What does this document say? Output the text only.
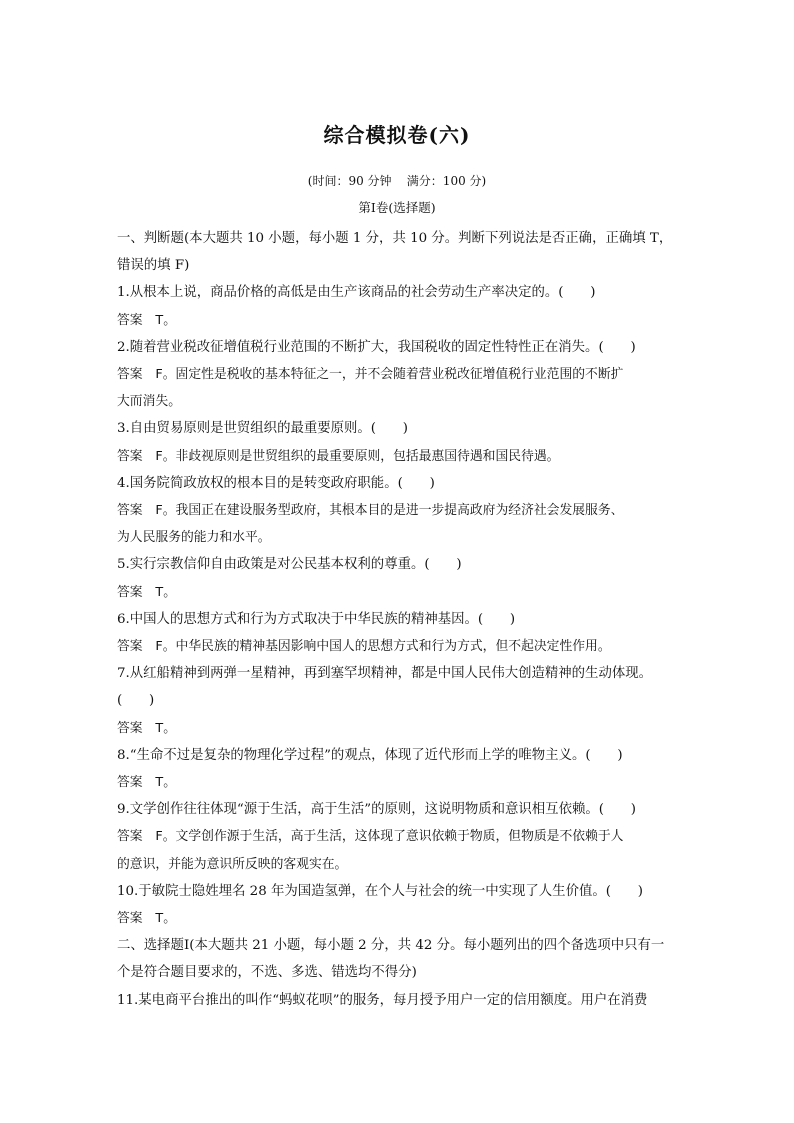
综合模拟卷(六)
(时间：90 分钟    满分：100 分)
第Ⅰ卷(选择题)
一、判断题(本大题共 10 小题，每小题 1 分，共 10 分。判断下列说法是否正确，正确填 T，
错误的填 F)
1.从根本上说，商品价格的高低是由生产该商品的社会劳动生产率决定的。(　　)
答案　T。
2.随着营业税改征增值税行业范围的不断扩大，我国税收的固定性特性正在消失。(　　)
答案　F。固定性是税收的基本特征之一，并不会随着营业税改征增值税行业范围的不断扩
大而消失。
3.自由贸易原则是世贸组织的最重要原则。(　　)
答案　F。非歧视原则是世贸组织的最重要原则，包括最惠国待遇和国民待遇。
4.国务院简政放权的根本目的是转变政府职能。(　　)
答案　F。我国正在建设服务型政府，其根本目的是进一步提高政府为经济社会发展服务、
为人民服务的能力和水平。
5.实行宗教信仰自由政策是对公民基本权利的尊重。(　　)
答案　T。
6.中国人的思想方式和行为方式取决于中华民族的精神基因。(　　)
答案　F。中华民族的精神基因影响中国人的思想方式和行为方式，但不起决定性作用。
7.从红船精神到两弹一星精神，再到塞罕坝精神，都是中国人民伟大创造精神的生动体现。
(　　)
答案　T。
8.“生命不过是复杂的物理化学过程”的观点，体现了近代形而上学的唯物主义。(　　)
答案　T。
9.文学创作往往体现“源于生活，高于生活”的原则，这说明物质和意识相互依赖。(　　)
答案　F。文学创作源于生活，高于生活，这体现了意识依赖于物质，但物质是不依赖于人
的意识，并能为意识所反映的客观实在。
10.于敏院士隐姓埋名 28 年为国造氢弹，在个人与社会的统一中实现了人生价值。(　　)
答案　T。
二、选择题Ⅰ(本大题共 21 小题，每小题 2 分，共 42 分。每小题列出的四个备选项中只有一
个是符合题目要求的，不选、多选、错选均不得分)
11.某电商平台推出的叫作“蚂蚁花呗”的服务，每月授予用户一定的信用额度。用户在消费
